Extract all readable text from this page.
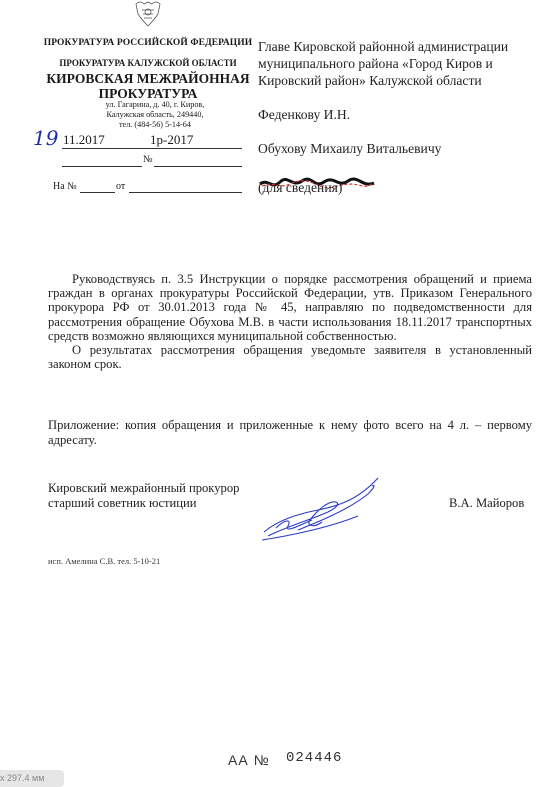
ПРОКУРАТУРА РОССИЙСКОЙ ФЕДЕРАЦИИ
ПРОКУРАТУРА КАЛУЖСКОЙ ОБЛАСТИ
КИРОВСКАЯ МЕЖРАЙОННАЯ
ПРОКУРАТУРА
ул. Гагарина, д. 40, г. Киров,
Калужская область, 249440,
тел. (484-56) 5-14-64
19 11.2017	1р-2017
№
На №	от
Главе Кировской районной администрации
муниципального района «Город Киров и
Кировский район» Калужской области
Феденкову И.Н.
Обухову Михаилу Витальевичу
(для сведения)

Руководствуясь п. 3.5 Инструкции о порядке рассмотрения обращений и приема граждан в органах прокуратуры Российской Федерации, утв. Приказом Генерального прокурора РФ от 30.01.2013 года № 45, направляю по подведомственности для рассмотрения обращение Обухова М.В. в части использования 18.11.2017 транспортных средств возможно являющихся муниципальной собственностью.

О результатах рассмотрения обращения уведомьте заявителя в установленный законом срок.

Приложение: копия обращения и приложенные к нему фото всего на 4 л. – первому адресату.
Кировский межрайонный прокурор
старший советник юстиции	В.А. Майоров
исп. Амелина С.В. тел. 5-10-21
АА № 024446
х 297.4 мм
